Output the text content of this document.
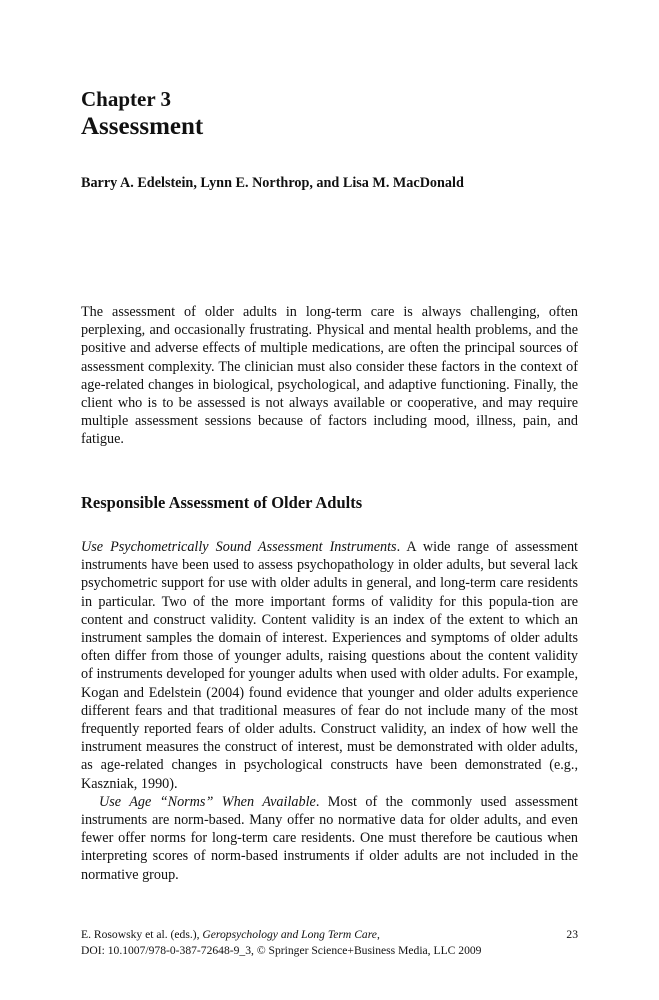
Chapter 3
Assessment
Barry A. Edelstein, Lynn E. Northrop, and Lisa M. MacDonald

The assessment of older adults in long-term care is always challenging, often perplexing, and occasionally frustrating. Physical and mental health problems, and the positive and adverse effects of multiple medications, are often the principal sources of assessment complexity. The clinician must also consider these factors in the context of age-related changes in biological, psychological, and adaptive functioning. Finally, the client who is to be assessed is not always available or cooperative, and may require multiple assessment sessions because of factors including mood, illness, pain, and fatigue.

Responsible Assessment of Older Adults

Use Psychometrically Sound Assessment Instruments. A wide range of assessment instruments have been used to assess psychopathology in older adults, but several lack psychometric support for use with older adults in general, and long-term care residents in particular. Two of the more important forms of validity for this popula-tion are content and construct validity. Content validity is an index of the extent to which an instrument samples the domain of interest. Experiences and symptoms of older adults often differ from those of younger adults, raising questions about the content validity of instruments developed for younger adults when used with older adults. For example, Kogan and Edelstein (2004) found evidence that younger and older adults experience different fears and that traditional measures of fear do not include many of the most frequently reported fears of older adults. Construct validity, an index of how well the instrument measures the construct of interest, must be demonstrated with older adults, as age-related changes in psychological constructs have been demonstrated (e.g., Kaszniak, 1990).

Use Age “Norms” When Available. Most of the commonly used assessment instruments are norm-based. Many offer no normative data for older adults, and even fewer offer norms for long-term care residents. One must therefore be cautious when interpreting scores of norm-based instruments if older adults are not included in the normative group.

E. Rosowsky et al. (eds.), Geropsychology and Long Term Care,
DOI: 10.1007/978-0-387-72648-9_3, © Springer Science+Business Media, LLC 2009
23
